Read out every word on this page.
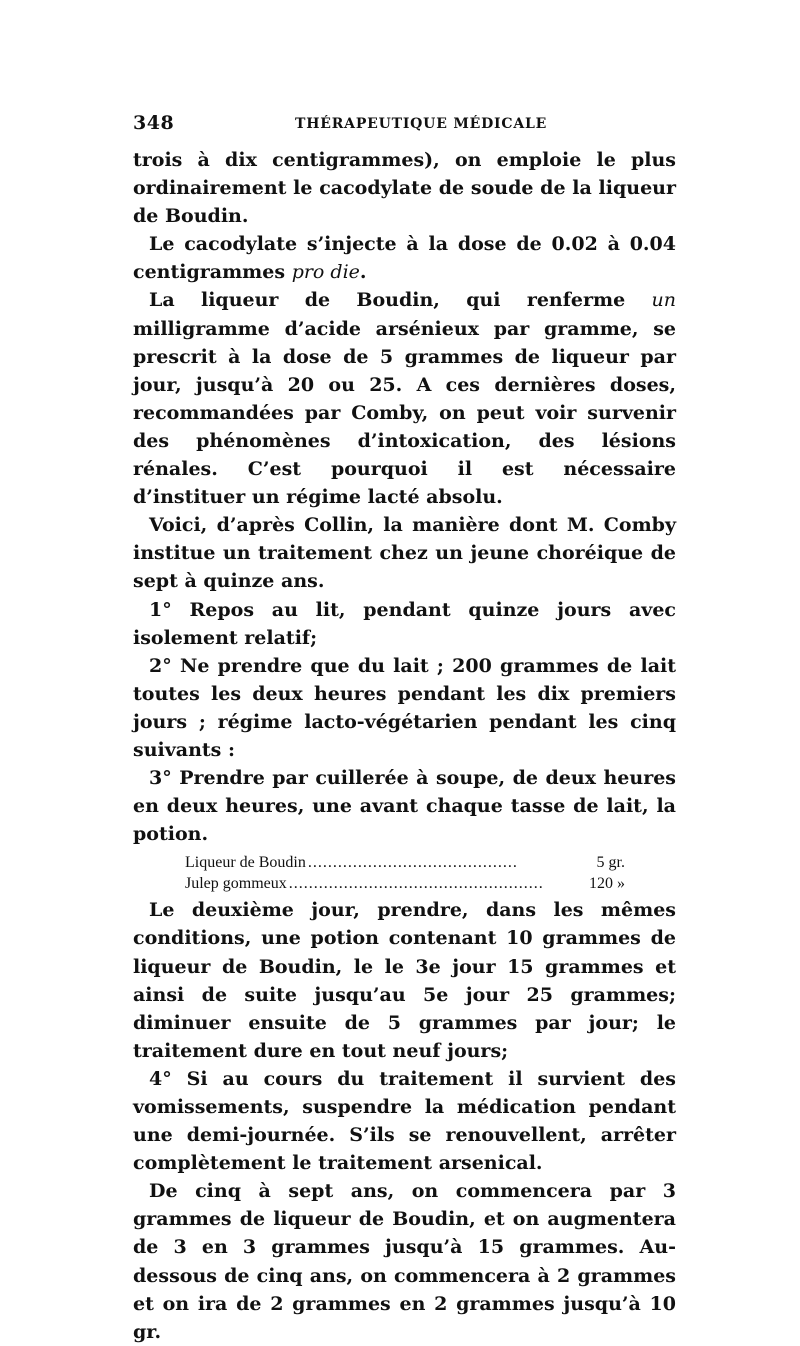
348	THÉRAPEUTIQUE MÉDICALE

trois à dix centigrammes), on emploie le plus ordinairement le cacodylate de soude de la liqueur de Boudin.

Le cacodylate s’injecte à la dose de 0.02 à 0.04 centigrammes pro die.

La liqueur de Boudin, qui renferme un milligramme d’acide arsénieux par gramme, se prescrit à la dose de 5 grammes de liqueur par jour, jusqu’à 20 ou 25. A ces dernières doses, recommandées par Comby, on peut voir survenir des phénomènes d’intoxication, des lésions rénales. C’est pourquoi il est nécessaire d’instituer un régime lacté absolu.

Voici, d’après Collin, la manière dont M. Comby institue un traitement chez un jeune choréique de sept à quinze ans.

1° Repos au lit, pendant quinze jours avec isolement relatif;

2° Ne prendre que du lait ; 200 grammes de lait toutes les deux heures pendant les dix premiers jours ; régime lacto-végétarien pendant les cinq suivants :

3° Prendre par cuillerée à soupe, de deux heures en deux heures, une avant chaque tasse de lait, la potion.

Liqueur de Boudin ..........................................	5 gr.
Julep gommeux ...................................................	120 »

Le deuxième jour, prendre, dans les mêmes conditions, une potion contenant 10 grammes de liqueur de Boudin, le le 3e jour 15 grammes et ainsi de suite jusqu’au 5e jour 25 grammes; diminuer ensuite de 5 grammes par jour; le traitement dure en tout neuf jours;

4° Si au cours du traitement il survient des vomissements, suspendre la médication pendant une demi-journée. S’ils se renouvellent, arrêter complètement le traitement arsenical.

De cinq à sept ans, on commencera par 3 grammes de liqueur de Boudin, et on augmentera de 3 en 3 grammes jusqu’à 15 grammes. Au-dessous de cinq ans, on commencera à 2 grammes et on ira de 2 grammes en 2 grammes jusqu’à 10 gr.
